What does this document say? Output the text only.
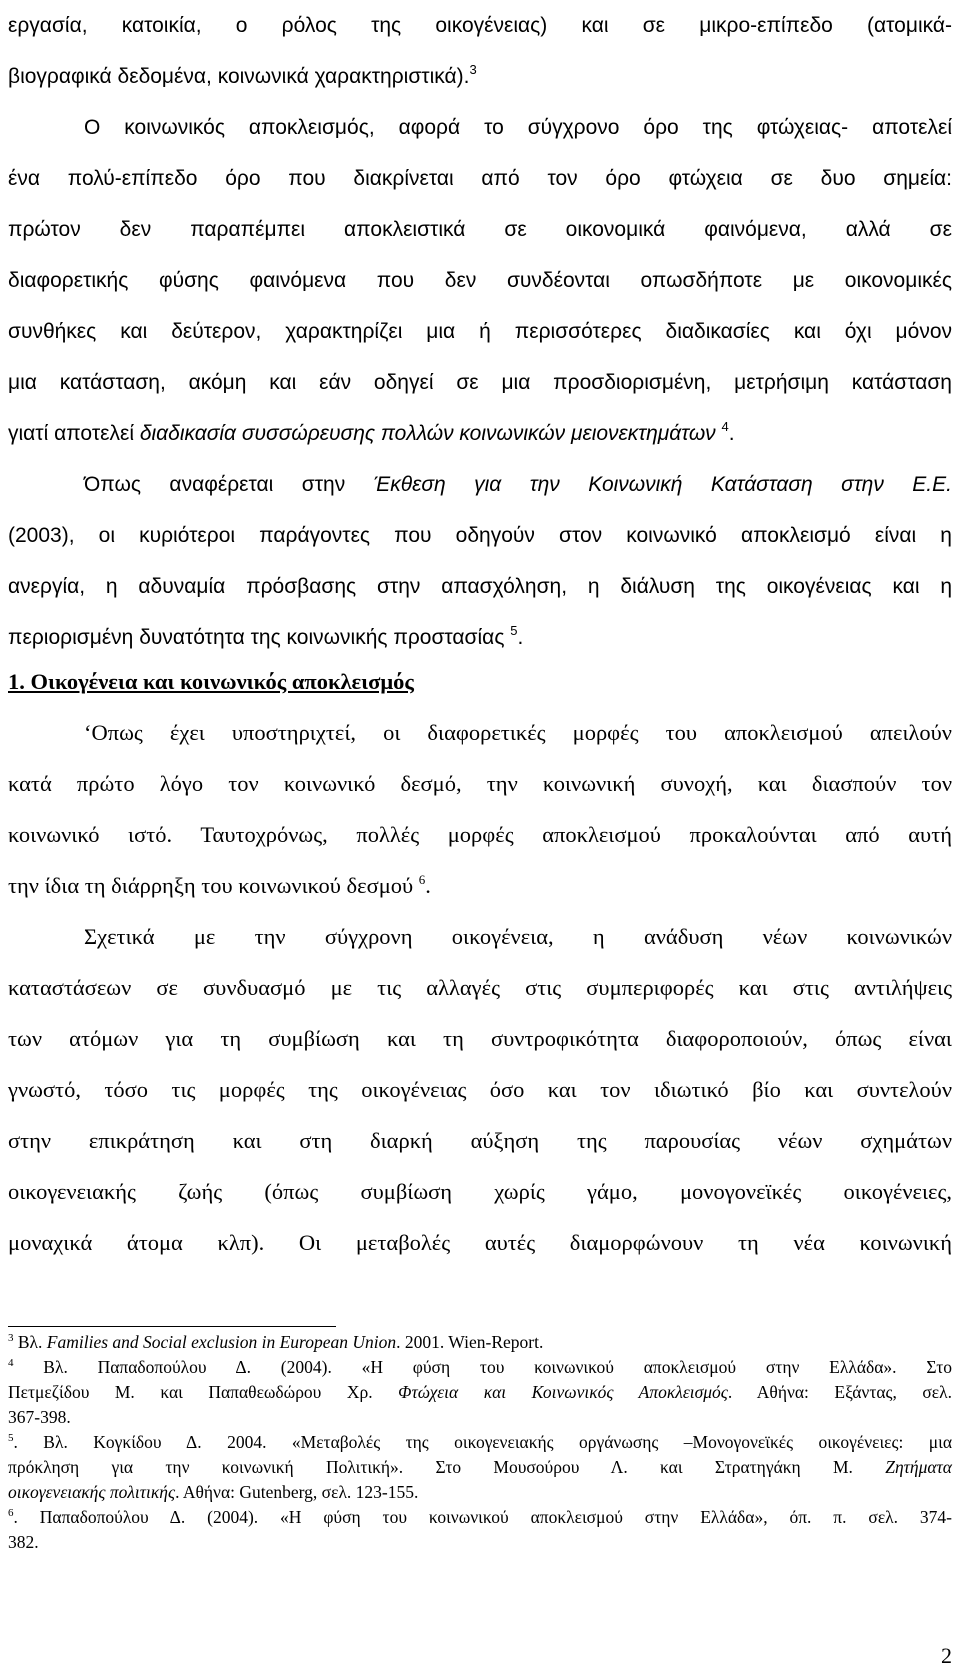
εργασία, κατοικία, ο ρόλος της οικογένειας) και σε μικρο-επίπεδο (ατομικά-
βιογραφικά δεδομένα, κοινωνικά χαρακτηριστικά).$^3$
Ο κοινωνικός αποκλεισμός, αφορά το σύγχρονο όρο της φτώχειας- αποτελεί
ένα πολύ-επίπεδο όρο που διακρίνεται από τον όρο φτώχεια σε δυο σημεία:
πρώτον δεν παραπέμπει αποκλειστικά σε οικονομικά φαινόμενα, αλλά σε
διαφορετικής φύσης φαινόμενα που δεν συνδέονται οπωσδήποτε με οικονομικές
συνθήκες και δεύτερον, χαρακτηρίζει μια ή περισσότερες διαδικασίες και όχι μόνον
μια κατάσταση, ακόμη και εάν οδηγεί σε μια προσδιορισμένη, μετρήσιμη κατάσταση
γιατί αποτελεί διαδικασία συσσώρευσης πολλών κοινωνικών μειονεκτημάτων $^4$.
Όπως αναφέρεται στην Έκθεση για την Κοινωνική Κατάσταση στην Ε.Ε.
(2003), οι κυριότεροι παράγοντες που οδηγούν στον κοινωνικό αποκλεισμό είναι η
ανεργία, η αδυναμία πρόσβασης στην απασχόληση, η διάλυση της οικογένειας και η
περιορισμένη δυνατότητα της κοινωνικής προστασίας $^5$.
1. Οικογένεια και κοινωνικός αποκλεισμός
‘Οπως έχει υποστηριχτεί, οι διαφορετικές μορφές του αποκλεισμού απειλούν
κατά πρώτο λόγο τον κοινωνικό δεσμό, την κοινωνική συνοχή, και διασπούν τον
κοινωνικό ιστό. Ταυτοχρόνως, πολλές μορφές αποκλεισμού προκαλούνται από αυτή
την ίδια τη διάρρηξη του κοινωνικού δεσμού $^6$.
Σχετικά με την σύγχρονη οικογένεια, η ανάδυση νέων κοινωνικών
καταστάσεων σε συνδυασμό με τις αλλαγές στις συμπεριφορές και στις αντιλήψεις
των ατόμων για τη συμβίωση και τη συντροφικότητα διαφοροποιούν, όπως είναι
γνωστό, τόσο τις μορφές της οικογένειας όσο και τον ιδιωτικό βίο και συντελούν
στην επικράτηση και στη διαρκή αύξηση της παρουσίας νέων σχημάτων
οικογενειακής ζωής (όπως συμβίωση χωρίς γάμο, μονογονεϊκές οικογένειες,
μοναχικά άτομα κλπ). Οι μεταβολές αυτές διαμορφώνουν τη νέα κοινωνική
$^3$ Βλ. Families and Social exclusion in European Union. 2001. Wien-Report.
$^4$ Βλ. Παπαδοπούλου Δ. (2004). «Η φύση του κοινωνικού αποκλεισμού στην Ελλάδα». Στο
Πετμεζίδου Μ. και Παπαθεωδώρου Χρ. Φτώχεια και Κοινωνικός Αποκλεισμός. Αθήνα: Εξάντας, σελ.
367-398.
$^5$. Βλ. Κογκίδου Δ. 2004. «Μεταβολές της οικογενειακής οργάνωσης –Μονογονεϊκές οικογένειες: μια
πρόκληση για την κοινωνική Πολιτική». Στο Μουσούρου Λ. και Στρατηγάκη Μ. Ζητήματα
οικογενειακής πολιτικής. Αθήνα: Gutenberg, σελ. 123-155.
$^6$. Παπαδοπούλου Δ. (2004). «Η φύση του κοινωνικού αποκλεισμού στην Ελλάδα», όπ. π. σελ. 374-
382.
2
